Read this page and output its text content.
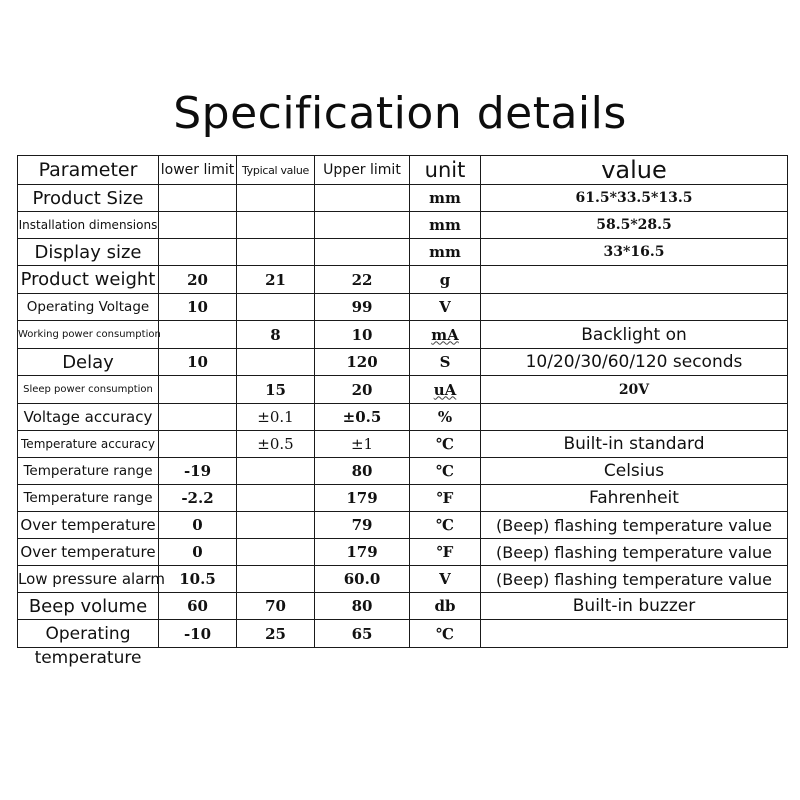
Specification details
Parameter	lower limit	Typical value	Upper limit	unit	value
Product Size				mm	61.5*33.5*13.5
Installation dimensions				mm	58.5*28.5
Display size				mm	33*16.5
Product weight	20	21	22	g	
Operating Voltage	10		99	V	
Working power consumption		8	10	mA	Backlight on
Delay	10		120	S	10/20/30/60/120 seconds
Sleep power consumption		15	20	uA	20V
Voltage accuracy		±0.1	±0.5	%	
Temperature accuracy		±0.5	±1	℃	Built-in standard
Temperature range	-19		80	℃	Celsius
Temperature range	-2.2		179	℉	Fahrenheit
Over temperature	0		79	℃	(Beep) flashing temperature value
Over temperature	0		179	℉	(Beep) flashing temperature value
Low pressure alarm	10.5		60.0	V	(Beep) flashing temperature value
Beep volume	60	70	80	db	Built-in buzzer

Operating temperature	-10	25	65	℃	
